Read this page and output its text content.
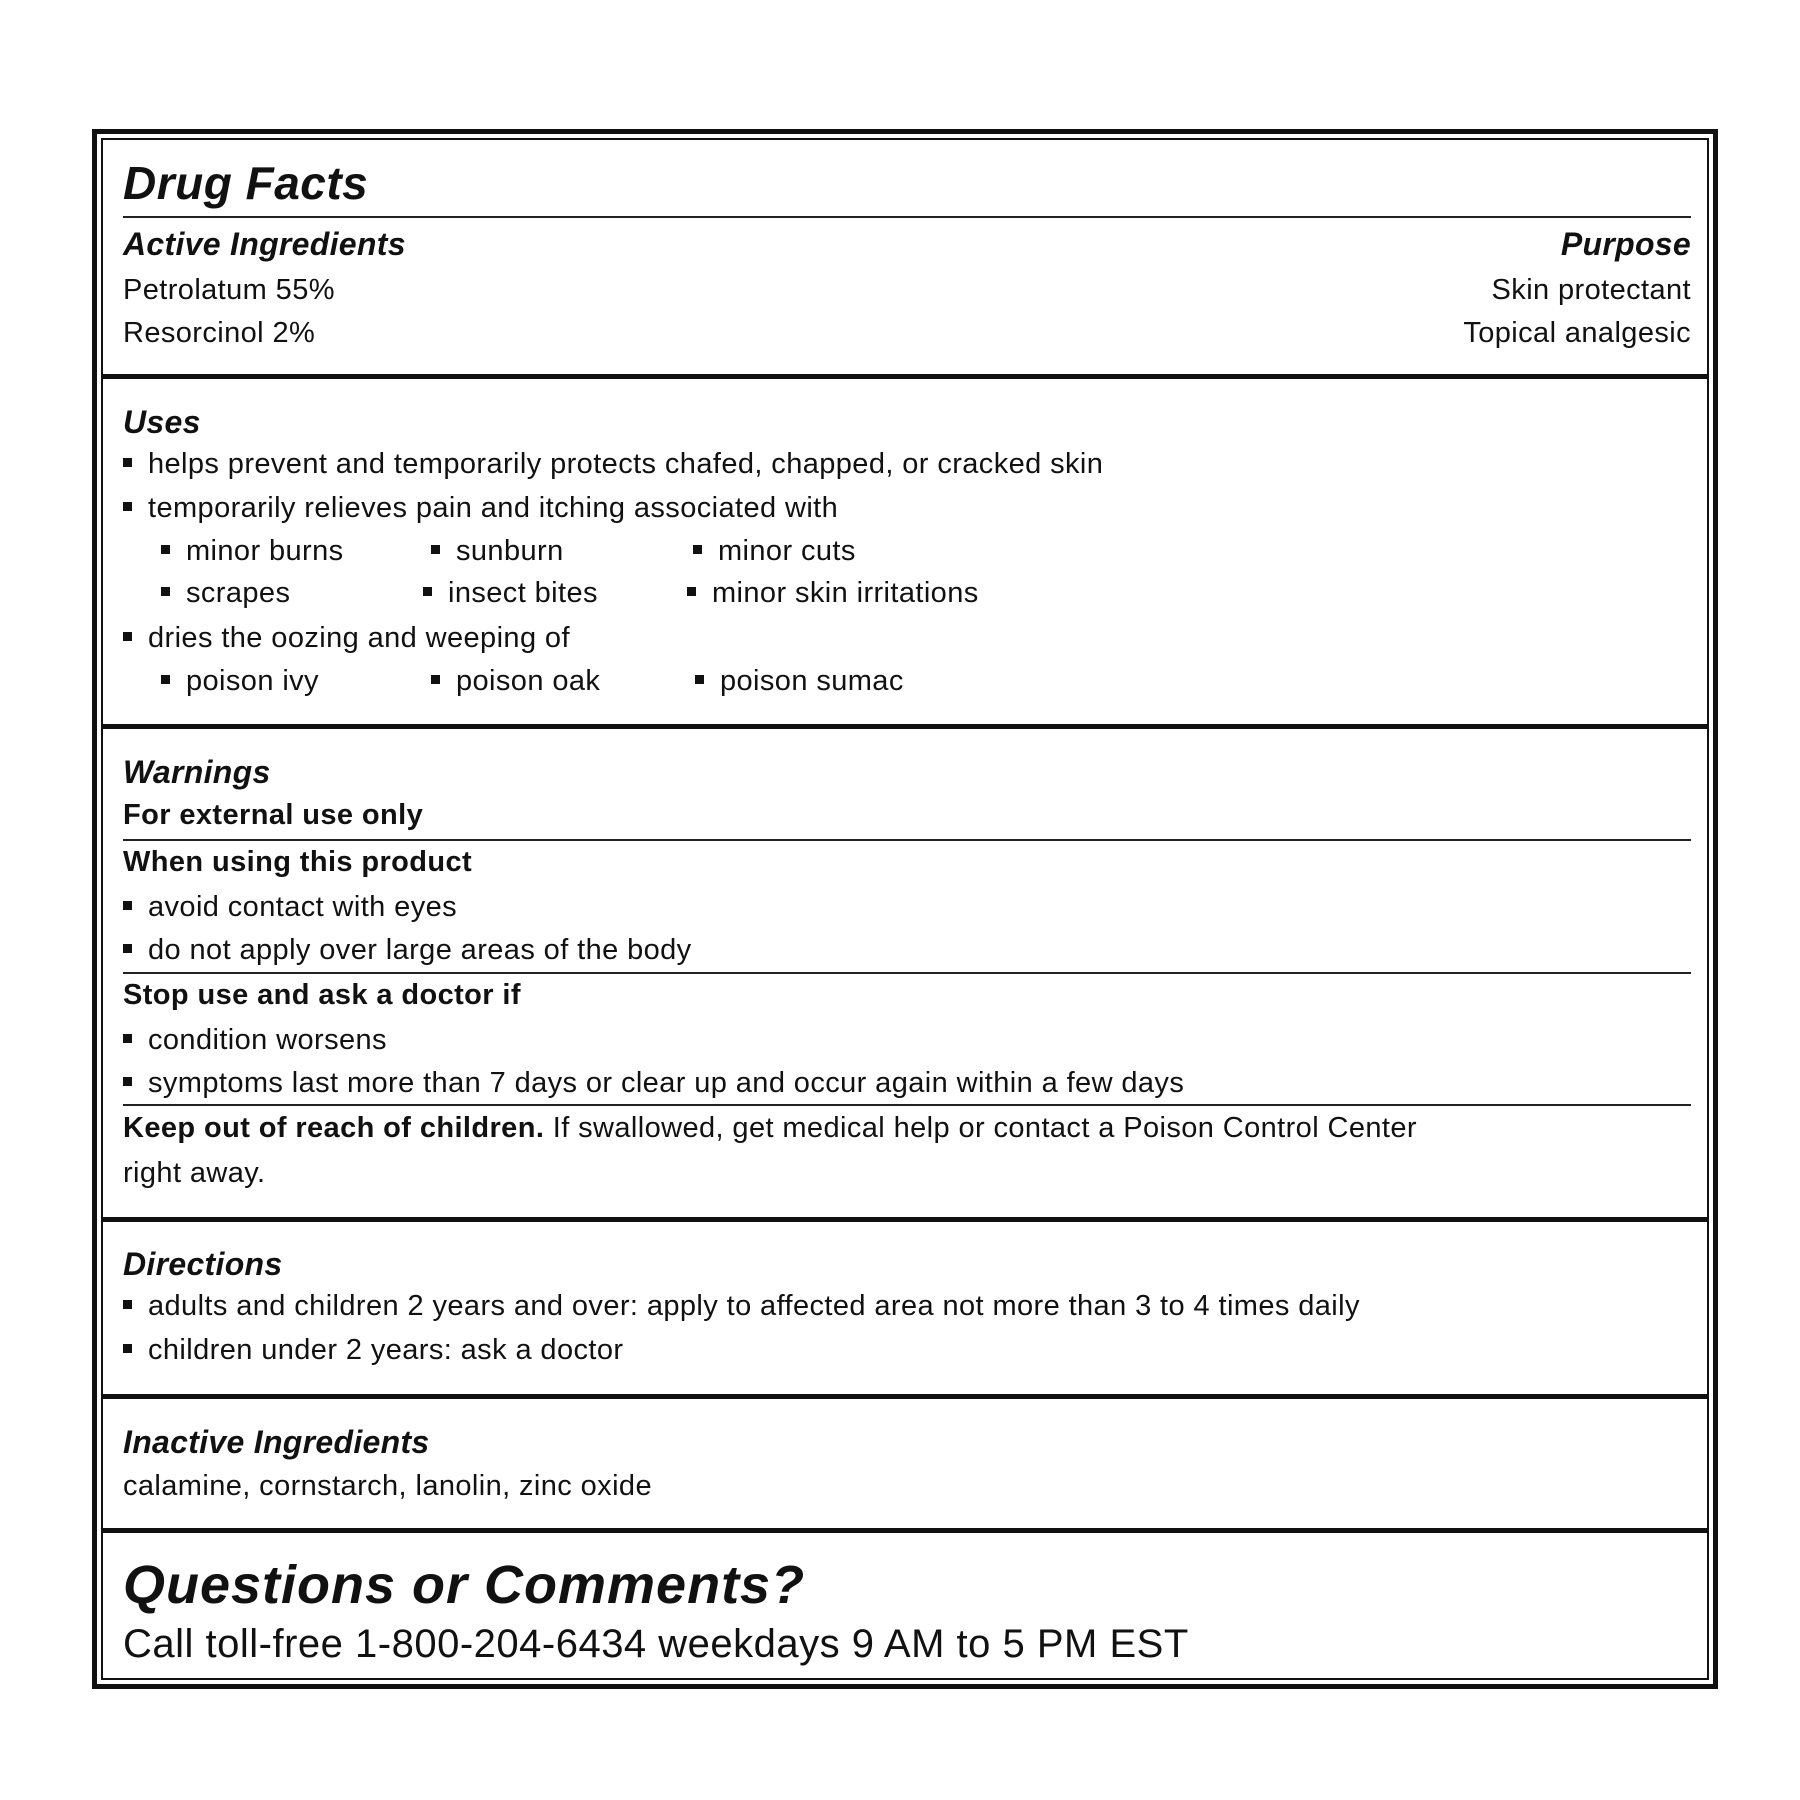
Drug Facts
Active Ingredients	Purpose
Petrolatum 55%	Skin protectant
Resorcinol 2%	Topical analgesic
Uses
helps prevent and temporarily protects chafed, chapped, or cracked skin
temporarily relieves pain and itching associated with
minor burns	sunburn	minor cuts
scrapes	insect bites	minor skin irritations
dries the oozing and weeping of
poison ivy	poison oak	poison sumac
Warnings
For external use only
When using this product
avoid contact with eyes
do not apply over large areas of the body
Stop use and ask a doctor if
condition worsens
symptoms last more than 7 days or clear up and occur again within a few days
Keep out of reach of children. If swallowed, get medical help or contact a Poison Control Center
right away.
Directions
adults and children 2 years and over: apply to affected area not more than 3 to 4 times daily
children under 2 years: ask a doctor
Inactive Ingredients
calamine, cornstarch, lanolin, zinc oxide
Questions or Comments?
Call toll-free 1-800-204-6434 weekdays 9 AM to 5 PM EST
